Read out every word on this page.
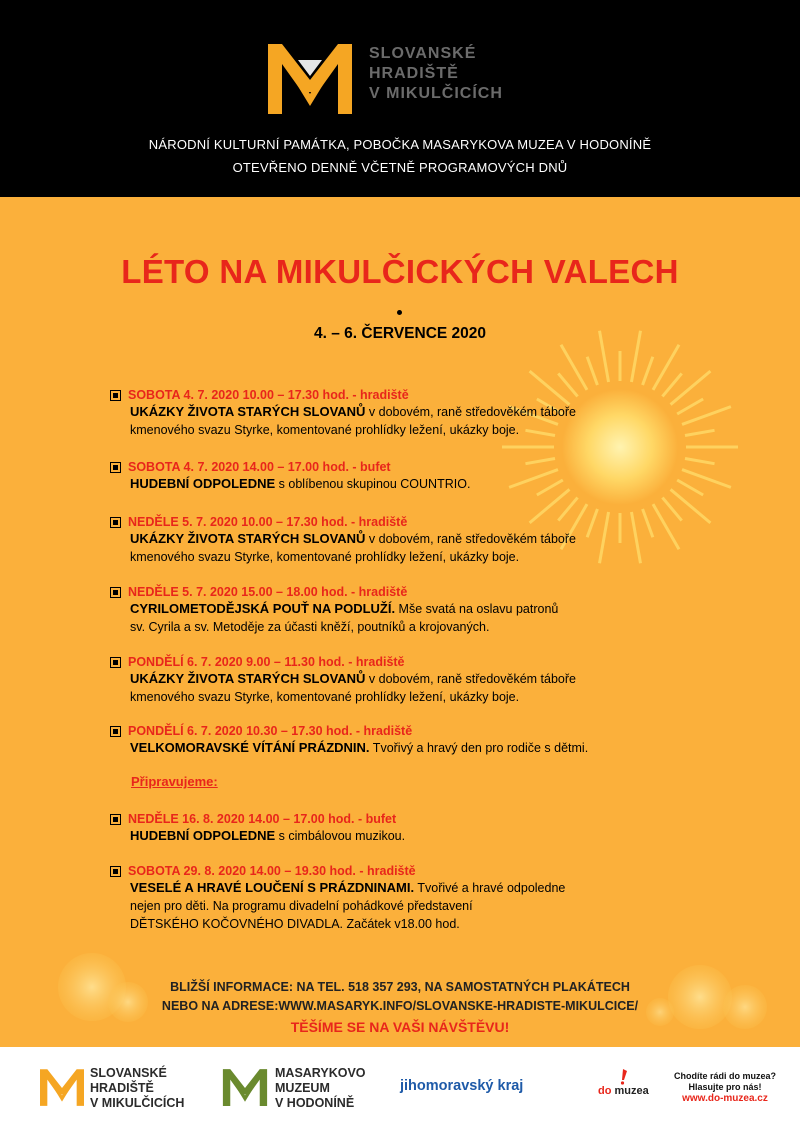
SLOVANSKÉ
HRADIŠTĚ
V MIKULČICÍCH
NÁRODNÍ KULTURNÍ PAMÁTKA, POBOČKA MASARYKOVA MUZEA V HODONÍNĚ
OTEVŘENO DENNĚ VČETNĚ PROGRAMOVÝCH DNŮ
LÉTO NA MIKULČICKÝCH VALECH
4. – 6. ČERVENCE 2020
SOBOTA 4. 7. 2020 10.00 – 17.30 hod. - hradiště
UKÁZKY ŽIVOTA STARÝCH SLOVANŮ v dobovém, raně středověkém táboře
kmenového svazu Styrke, komentované prohlídky ležení, ukázky boje.
SOBOTA 4. 7. 2020 14.00 – 17.00 hod. - bufet
HUDEBNÍ ODPOLEDNE s oblíbenou skupinou COUNTRIO.
NEDĚLE 5. 7. 2020 10.00 – 17.30 hod. - hradiště
UKÁZKY ŽIVOTA STARÝCH SLOVANŮ v dobovém, raně středověkém táboře
kmenového svazu Styrke, komentované prohlídky ležení, ukázky boje.
NEDĚLE 5. 7. 2020 15.00 – 18.00 hod. - hradiště
CYRILOMETODĚJSKÁ POUŤ NA PODLUŽÍ. Mše svatá na oslavu patronů
sv. Cyrila a sv. Metoděje za účasti kněží, poutníků a krojovaných.
PONDĚLÍ 6. 7. 2020 9.00 – 11.30 hod. - hradiště
UKÁZKY ŽIVOTA STARÝCH SLOVANŮ v dobovém, raně středověkém táboře
kmenového svazu Styrke, komentované prohlídky ležení, ukázky boje.
PONDĚLÍ 6. 7. 2020 10.30 – 17.30 hod. - hradiště
VELKOMORAVSKÉ VÍTÁNÍ PRÁZDNIN. Tvořivý a hravý den pro rodiče s dětmi.
Připravujeme:
NEDĚLE 16. 8. 2020 14.00 – 17.00 hod. - bufet
HUDEBNÍ ODPOLEDNE s cimbálovou muzikou.
SOBOTA 29. 8. 2020 14.00 – 19.30 hod. - hradiště
VESELÉ A HRAVÉ LOUČENÍ S PRÁZDNINAMI. Tvořivé a hravé odpoledne
nejen pro děti. Na programu divadelní pohádkové představení
DĚTSKÉHO KOČOVNÉHO DIVADLA. Začátek v18.00 hod.
BLIŽŠÍ INFORMACE: NA TEL. 518 357 293, NA SAMOSTATNÝCH PLAKÁTECH
NEBO NA ADRESE:WWW.MASARYK.INFO/SLOVANSKE-HRADISTE-MIKULCICE/
TĚŠÍME SE NA VAŠI NÁVŠTĚVU!
SLOVANSKÉ
HRADIŠTĚ
V MIKULČICÍCH
MASARYKOVO
MUZEUM
V HODONÍNĚ
jihomoravský kraj	do muzea
Chodíte rádi do muzea?
Hlasujte pro nás!
www.do-muzea.cz
